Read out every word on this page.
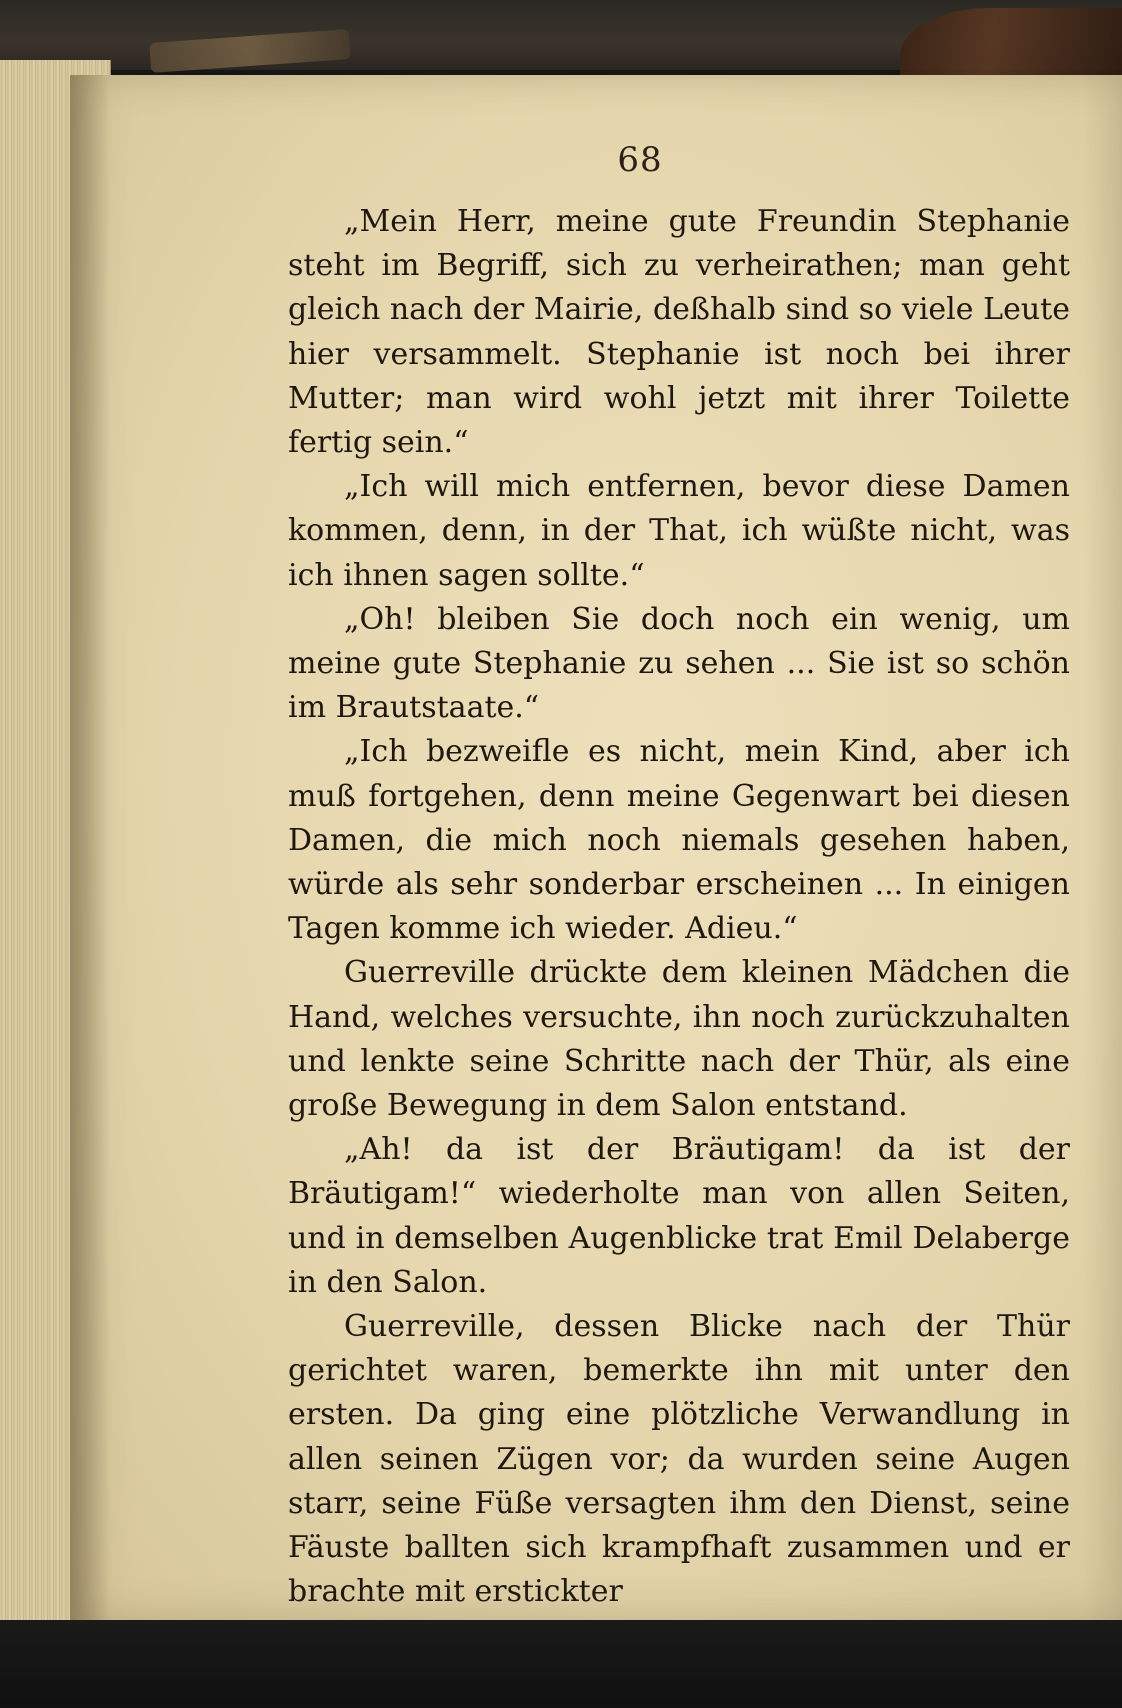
68

„Mein Herr, meine gute Freundin Stephanie steht im Begriff, sich zu verheirathen; man geht gleich nach der Mairie, deßhalb sind so viele Leute hier versammelt. Stephanie ist noch bei ihrer Mutter; man wird wohl jetzt mit ihrer Toilette fertig sein.“

„Ich will mich entfernen, bevor diese Damen kommen, denn, in der That, ich wüßte nicht, was ich ihnen sagen sollte.“

„Oh! bleiben Sie doch noch ein wenig, um meine gute Stephanie zu sehen ... Sie ist so schön im Brautstaate.“

„Ich bezweifle es nicht, mein Kind, aber ich muß fortgehen, denn meine Gegenwart bei diesen Damen, die mich noch niemals gesehen haben, würde als sehr sonderbar erscheinen ... In einigen Tagen komme ich wieder. Adieu.“

Guerreville drückte dem kleinen Mädchen die Hand, welches versuchte, ihn noch zurückzuhalten und lenkte seine Schritte nach der Thür, als eine große Bewegung in dem Salon entstand.

„Ah! da ist der Bräutigam! da ist der Bräutigam!“ wiederholte man von allen Seiten, und in demselben Augenblicke trat Emil Delaberge in den Salon.

Guerreville, dessen Blicke nach der Thür gerichtet waren, bemerkte ihn mit unter den ersten. Da ging eine plötzliche Verwandlung in allen seinen Zügen vor; da wurden seine Augen starr, seine Füße versagten ihm den Dienst, seine Fäuste ballten sich krampfhaft zusammen und er brachte mit erstickter
